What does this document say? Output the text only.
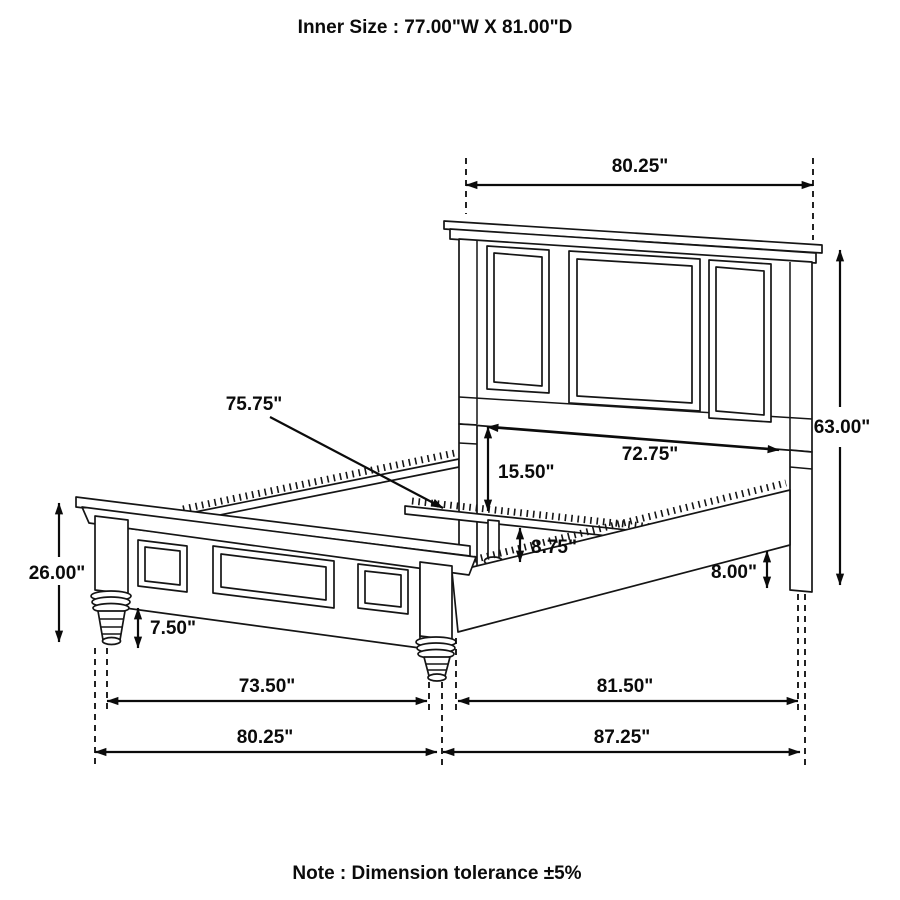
80.25"
63.00"
72.75"
15.50"
75.75"
8.75"
8.00"
26.00"
7.50"
73.50"	81.50"
80.25"	87.25"
Inner Size : 77.00"W X 81.00"D
Note : Dimension tolerance ±5%
